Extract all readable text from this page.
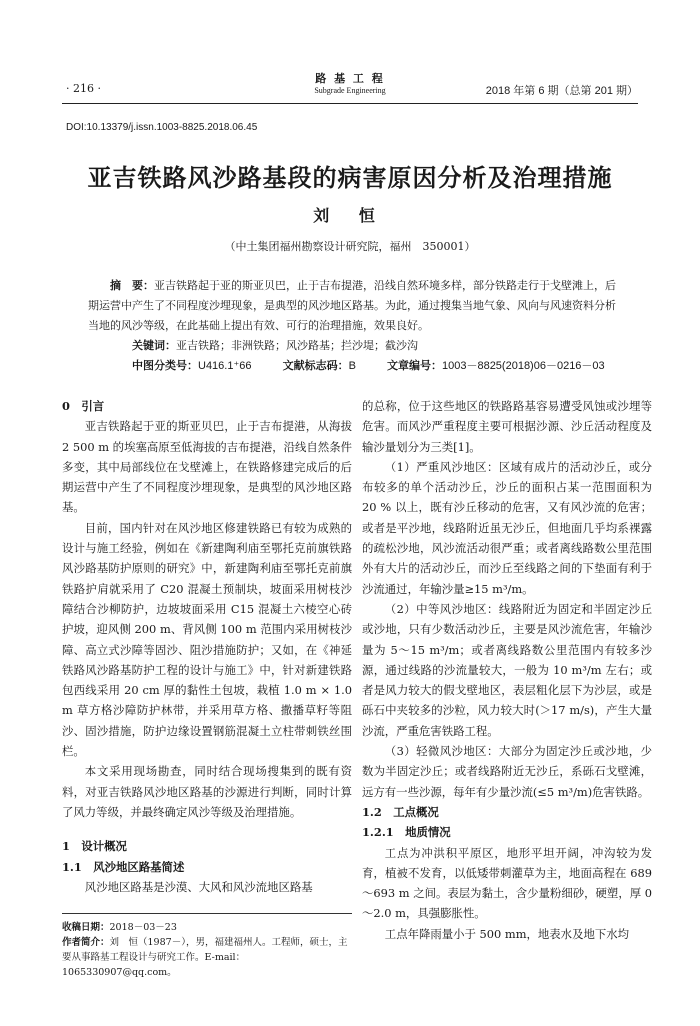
· 216 ·
路 基 工 程
Subgrade Engineering	2018 年第 6 期（总第 201 期）
DOI:10.13379/j.issn.1003-8825.2018.06.45
亚吉铁路风沙路基段的病害原因分析及治理措施
刘 恒
（中土集团福州勘察设计研究院，福州　350001）

摘　要：亚吉铁路起于亚的斯亚贝巴，止于吉布提港，沿线自然环境多样，部分铁路走行于戈壁滩上，后期运营中产生了不同程度沙埋现象，是典型的风沙地区路基。为此，通过搜集当地气象、风向与风速资料分析当地的风沙等级，在此基础上提出有效、可行的治理措施，效果良好。

关键词：亚吉铁路；非洲铁路；风沙路基；拦沙堤；截沙沟

中图分类号：U416.1⁺66	文献标志码：B	文章编号：1003－8825(2018)06－0216－03

0　引言

亚吉铁路起于亚的斯亚贝巴，止于吉布提港，从海拔 2 500 m 的埃塞高原至低海拔的吉布提港，沿线自然条件多变，其中局部线位在戈壁滩上，在铁路修建完成后的后期运营中产生了不同程度沙埋现象，是典型的风沙地区路基。

目前，国内针对在风沙地区修建铁路已有较为成熟的设计与施工经验，例如在《新建陶利庙至鄂托克前旗铁路风沙路基防护原则的研究》中，新建陶利庙至鄂托克前旗铁路护肩就采用了 C20 混凝土预制块，坡面采用树枝沙障结合沙柳防护，边坡坡面采用 C15 混凝土六棱空心砖护坡，迎风侧 200 m、背风侧 100 m 范围内采用树枝沙障、高立式沙障等固沙、阻沙措施防护；又如，在《神延铁路风沙路基防护工程的设计与施工》中，针对新建铁路包西线采用 20 cm 厚的黏性土包坡，栽植 1.0 m × 1.0 m 草方格沙障防护林带，并采用草方格、撒播草籽等阻沙、固沙措施，防护边缘设置钢筋混凝土立柱带刺铁丝围栏。

本文采用现场勘查，同时结合现场搜集到的既有资料，对亚吉铁路风沙地区路基的沙源进行判断，同时计算了风力等级，并最终确定风沙等级及治理措施。

1　设计概况

1.1　风沙地区路基简述

风沙地区路基是沙漠、大风和风沙流地区路基

收稿日期：2018－03－23

作者简介：刘　恒（1987－），男，福建福州人。工程师，硕士，主要从事路基工程设计与研究工作。E-mail：1065330907@qq.com。

的总称，位于这些地区的铁路路基容易遭受风蚀或沙埋等危害。而风沙严重程度主要可根据沙源、沙丘活动程度及输沙量划分为三类[1]。

（1）严重风沙地区：区域有成片的活动沙丘，或分布较多的单个活动沙丘，沙丘的面积占某一范围面积为 20 % 以上，既有沙丘移动的危害，又有风沙流的危害；或者是平沙地，线路附近虽无沙丘，但地面几乎均系裸露的疏松沙地，风沙流活动很严重；或者离线路数公里范围外有大片的活动沙丘，而沙丘至线路之间的下垫面有利于沙流通过，年输沙量≥15 m³/m。

（2）中等风沙地区：线路附近为固定和半固定沙丘或沙地，只有少数活动沙丘，主要是风沙流危害，年输沙量为 5～15 m³/m；或者离线路数公里范围内有较多沙源，通过线路的沙流量较大，一般为 10 m³/m 左右；或者是风力较大的假戈壁地区，表层粗化层下为沙层，或是砾石中夹较多的沙粒，风力较大时(＞17 m/s)，产生大量沙流，严重危害铁路工程。

（3）轻微风沙地区：大部分为固定沙丘或沙地，少数为半固定沙丘；或者线路附近无沙丘，系砾石戈壁滩，远方有一些沙源，每年有少量沙流(≤5 m³/m)危害铁路。

1.2　工点概况

1.2.1　地质情况

工点为冲洪积平原区，地形平坦开阔，冲沟较为发育，植被不发育，以低矮带刺灌草为主，地面高程在 689～693 m 之间。表层为黏土，含少量粉细砂，硬塑，厚 0～2.0 m，具强膨胀性。

工点年降雨量小于 500 mm，地表水及地下水均
